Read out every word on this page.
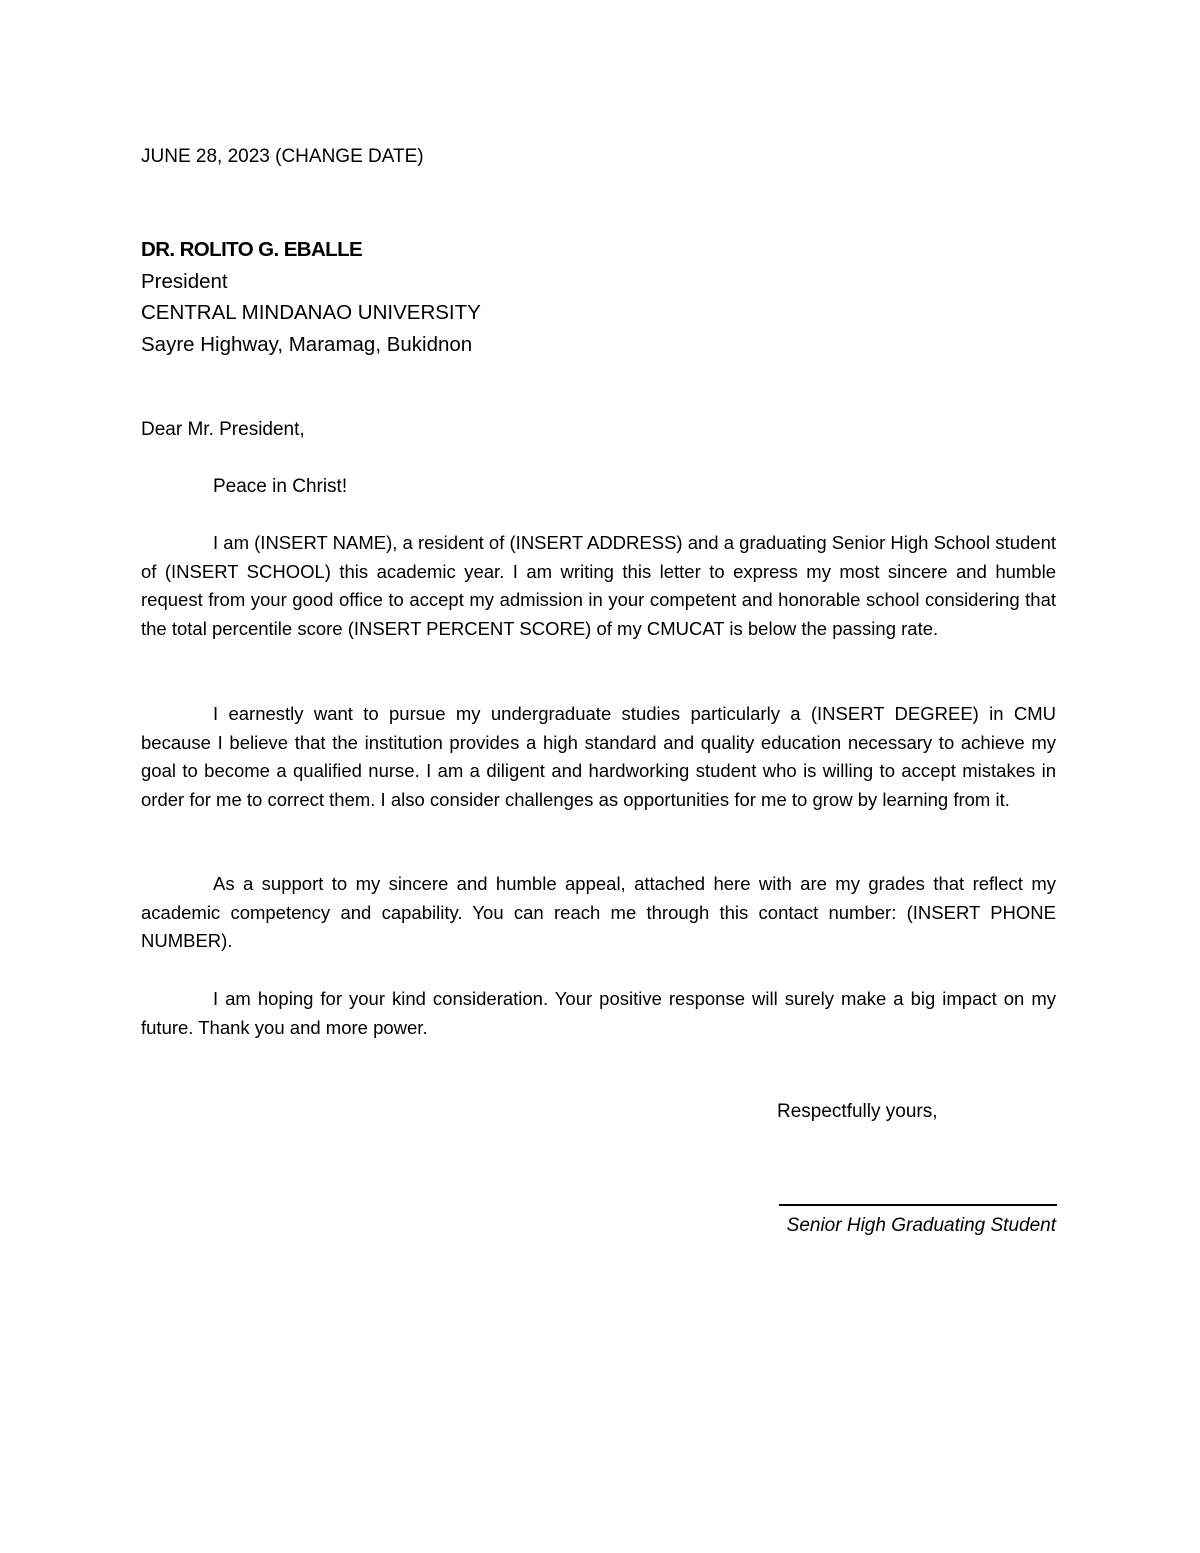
JUNE 28, 2023 (CHANGE DATE)
DR. ROLITO G. EBALLE
President
CENTRAL MINDANAO UNIVERSITY
Sayre Highway, Maramag, Bukidnon
Dear Mr. President,
Peace in Christ!

I am (INSERT NAME), a resident of (INSERT ADDRESS) and a graduating Senior High School student of (INSERT SCHOOL) this academic year. I am writing this letter to express my most sincere and humble request from your good office to accept my admission in your competent and honorable school considering that the total percentile score (INSERT PERCENT SCORE) of my CMUCAT is below the passing rate.

I earnestly want to pursue my undergraduate studies particularly a (INSERT DEGREE) in CMU because I believe that the institution provides a high standard and quality education necessary to achieve my goal to become a qualified nurse. I am a diligent and hardworking student who is willing to accept mistakes in order for me to correct them. I also consider challenges as opportunities for me to grow by learning from it.

As a support to my sincere and humble appeal, attached here with are my grades that reflect my academic competency and capability. You can reach me through this contact number: (INSERT PHONE NUMBER).

I am hoping for your kind consideration. Your positive response will surely make a big impact on my future. Thank you and more power.

Respectfully yours,
Senior High Graduating Student
